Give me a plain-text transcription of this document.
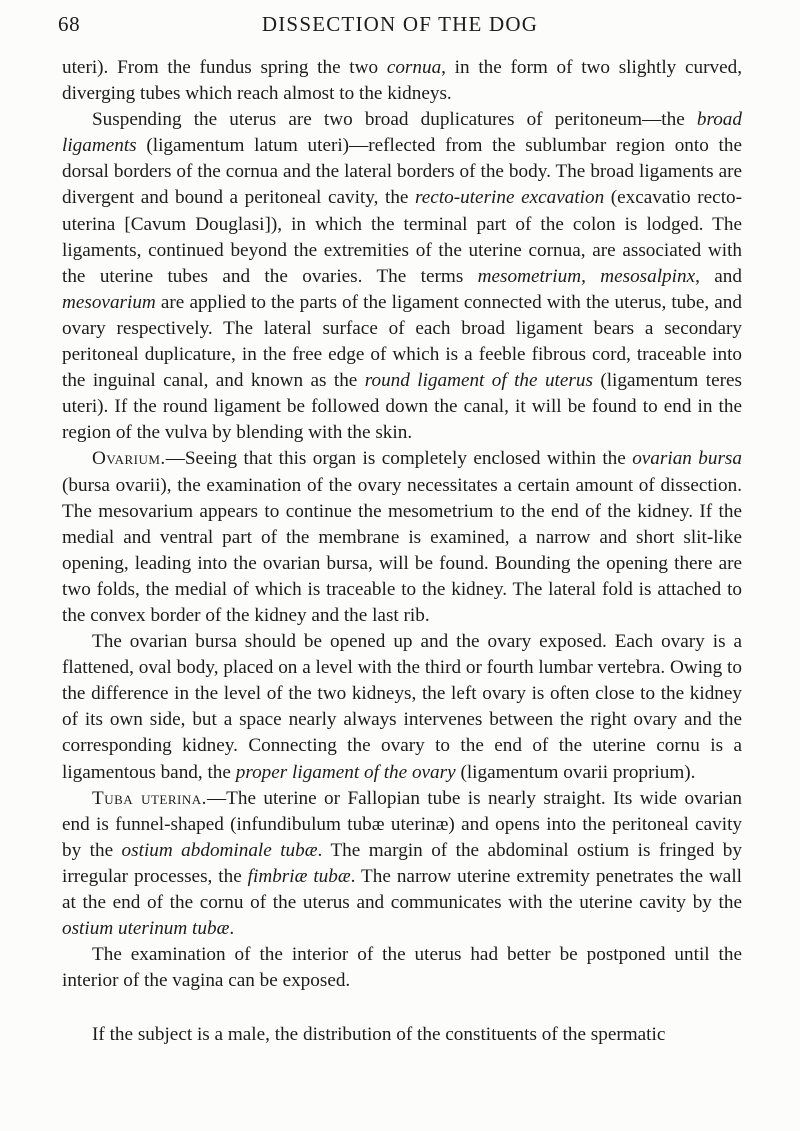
68	DISSECTION OF THE DOG

uteri). From the fundus spring the two cornua, in the form of two slightly curved, diverging tubes which reach almost to the kidneys.

Suspending the uterus are two broad duplicatures of peritoneum—the broad ligaments (ligamentum latum uteri)—reflected from the sublumbar region onto the dorsal borders of the cornua and the lateral borders of the body. The broad ligaments are divergent and bound a peritoneal cavity, the recto-uterine excavation (excavatio recto-uterina [Cavum Douglasi]), in which the terminal part of the colon is lodged. The ligaments, continued beyond the extremities of the uterine cornua, are associated with the uterine tubes and the ovaries. The terms mesometrium, mesosalpinx, and mesovarium are applied to the parts of the ligament connected with the uterus, tube, and ovary respectively. The lateral surface of each broad ligament bears a secondary peritoneal duplicature, in the free edge of which is a feeble fibrous cord, traceable into the inguinal canal, and known as the round ligament of the uterus (ligamentum teres uteri). If the round ligament be followed down the canal, it will be found to end in the region of the vulva by blending with the skin.

Ovarium.—Seeing that this organ is completely enclosed within the ovarian bursa (bursa ovarii), the examination of the ovary necessitates a certain amount of dissection. The mesovarium appears to continue the mesometrium to the end of the kidney. If the medial and ventral part of the membrane is examined, a narrow and short slit-like opening, leading into the ovarian bursa, will be found. Bounding the opening there are two folds, the medial of which is traceable to the kidney. The lateral fold is attached to the convex border of the kidney and the last rib.

The ovarian bursa should be opened up and the ovary exposed. Each ovary is a flattened, oval body, placed on a level with the third or fourth lumbar vertebra. Owing to the difference in the level of the two kidneys, the left ovary is often close to the kidney of its own side, but a space nearly always intervenes between the right ovary and the corresponding kidney. Connecting the ovary to the end of the uterine cornu is a ligamentous band, the proper ligament of the ovary (ligamentum ovarii proprium).

Tuba uterina.—The uterine or Fallopian tube is nearly straight. Its wide ovarian end is funnel-shaped (infundibulum tubæ uterinæ) and opens into the peritoneal cavity by the ostium abdominale tubæ. The margin of the abdominal ostium is fringed by irregular processes, the fimbriæ tubæ. The narrow uterine extremity penetrates the wall at the end of the cornu of the uterus and communicates with the uterine cavity by the ostium uterinum tubæ.

The examination of the interior of the uterus had better be postponed until the interior of the vagina can be exposed.

If the subject is a male, the distribution of the constituents of the spermatic
